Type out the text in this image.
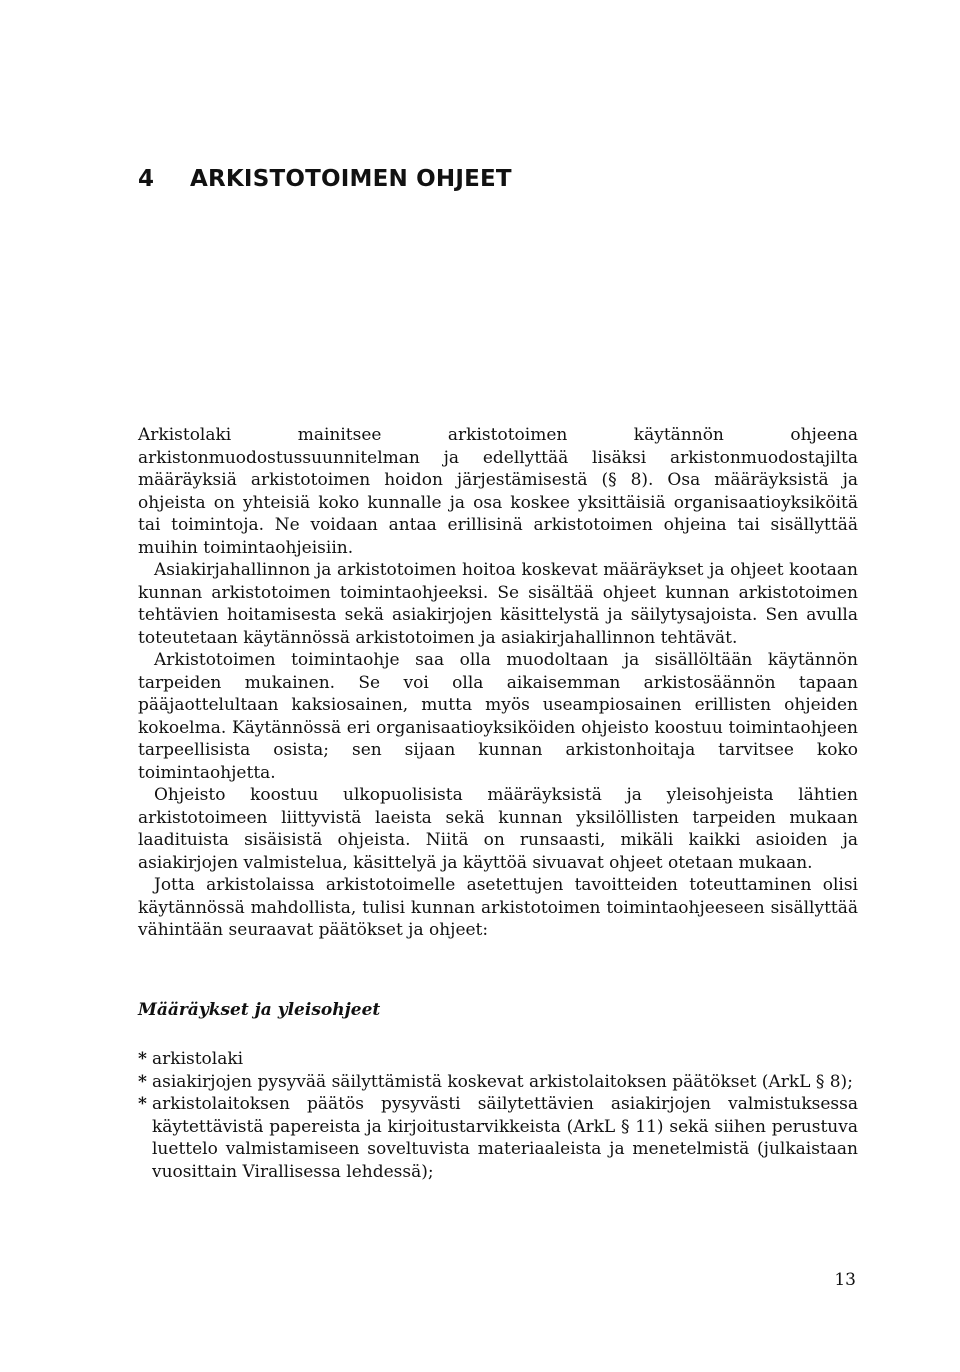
4 ARKISTOTOIMEN OHJEET

Arkistolaki mainitsee arkistotoimen käytännön ohjeena arkistonmuodostussuunnitelman ja edellyttää lisäksi arkistonmuodostajilta määräyksiä arkistotoimen hoidon järjestämisestä (§ 8). Osa määräyksistä ja ohjeista on yhteisiä koko kunnalle ja osa koskee yksittäisiä organisaatioyksiköitä tai toimintoja. Ne voidaan antaa erillisinä arkistotoimen ohjeina tai sisällyttää muihin toimintaohjeisiin.

Asiakirjahallinnon ja arkistotoimen hoitoa koskevat määräykset ja ohjeet kootaan kunnan arkistotoimen toimintaohjeeksi. Se sisältää ohjeet kunnan arkistotoimen tehtävien hoitamisesta sekä asiakirjojen käsittelystä ja säilytysajoista. Sen avulla toteutetaan käytännössä arkistotoimen ja asiakirjahallinnon tehtävät.

Arkistotoimen toimintaohje saa olla muodoltaan ja sisällöltään käytännön tarpeiden mukainen. Se voi olla aikaisemman arkistosäännön tapaan pääjaottelultaan kaksiosainen, mutta myös useampiosainen erillisten ohjeiden kokoelma. Käytännössä eri organisaatioyksiköiden ohjeisto koostuu toimintaohjeen tarpeellisista osista; sen sijaan kunnan arkistonhoitaja tarvitsee koko toimintaohjetta.

Ohjeisto koostuu ulkopuolisista määräyksistä ja yleisohjeista lähtien arkistotoimeen liittyvistä laeista sekä kunnan yksilöllisten tarpeiden mukaan laadituista sisäisistä ohjeista. Niitä on runsaasti, mikäli kaikki asioiden ja asiakirjojen valmistelua, käsittelyä ja käyttöä sivuavat ohjeet otetaan mukaan.

Jotta arkistolaissa arkistotoimelle asetettujen tavoitteiden toteuttaminen olisi käytännössä mahdollista, tulisi kunnan arkistotoimen toimintaohjeeseen sisällyttää vähintään seuraavat päätökset ja ohjeet:

Määräykset ja yleisohjeet
* arkistolaki
* asiakirjojen pysyvää säilyttämistä koskevat arkistolaitoksen päätökset (ArkL § 8);
* arkistolaitoksen päätös pysyvästi säilytettävien asiakirjojen valmistuksessa käytettävistä papereista ja kirjoitustarvikkeista (ArkL § 11) sekä siihen perustuva luettelo valmistamiseen soveltuvista materiaaleista ja menetelmistä (julkaistaan vuosittain Virallisessa lehdessä);
13
